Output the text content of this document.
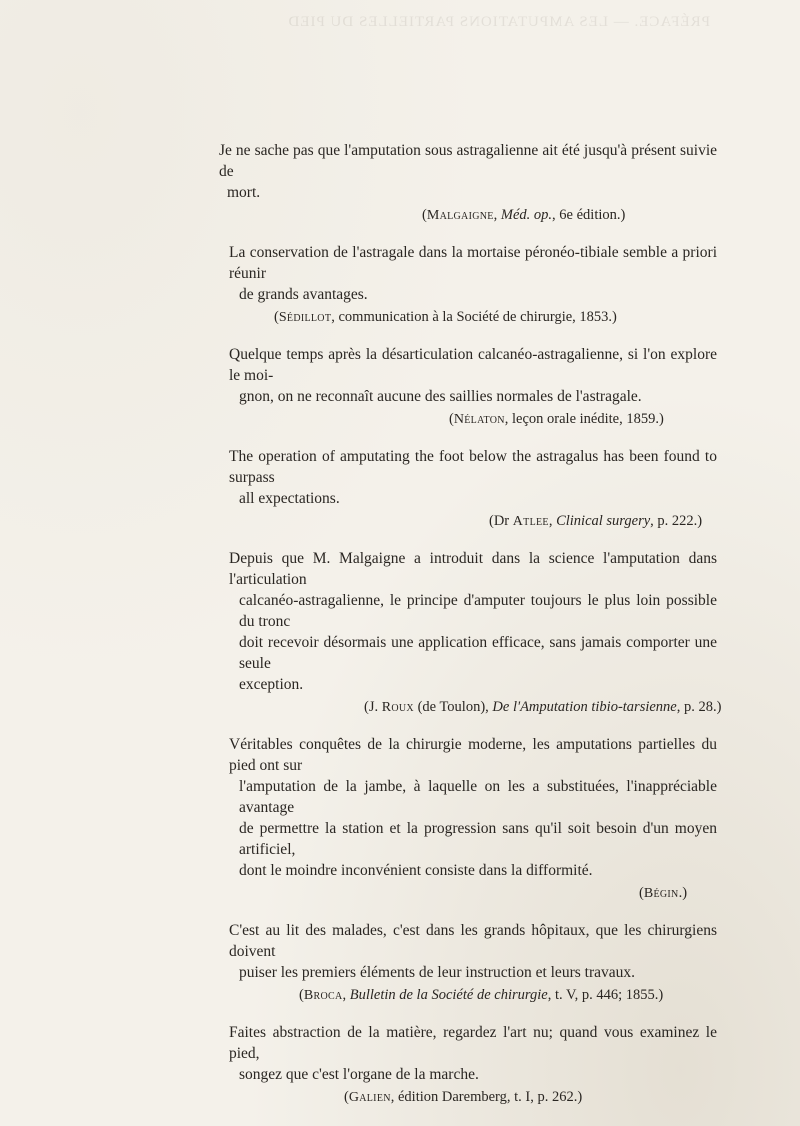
PRÉFACE. — LES AMPUTATIONS PARTIELLES DU PIED

Je ne sache pas que l'amputation sous astragalienne ait été jusqu'à présent suivie de
mort.

(Malgaigne, Méd. op., 6e édition.)

La conservation de l'astragale dans la mortaise péronéo-tibiale semble a priori réunir
de grands avantages.

(Sédillot, communication à la Société de chirurgie, 1853.)

Quelque temps après la désarticulation calcanéo-astragalienne, si l'on explore le moi-
gnon, on ne reconnaît aucune des saillies normales de l'astragale.

(Nélaton, leçon orale inédite, 1859.)

The operation of amputating the foot below the astragalus has been found to surpass
all expectations.

(Dr Atlee, Clinical surgery, p. 222.)

Depuis que M. Malgaigne a introduit dans la science l'amputation dans l'articulation
calcanéo-astragalienne, le principe d'amputer toujours le plus loin possible du tronc
doit recevoir désormais une application efficace, sans jamais comporter une seule
exception.

(J. Roux (de Toulon), De l'Amputation tibio-tarsienne, p. 28.)

Véritables conquêtes de la chirurgie moderne, les amputations partielles du pied ont sur
l'amputation de la jambe, à laquelle on les a substituées, l'inappréciable avantage
de permettre la station et la progression sans qu'il soit besoin d'un moyen artificiel,
dont le moindre inconvénient consiste dans la difformité.

(Bégin.)

C'est au lit des malades, c'est dans les grands hôpitaux, que les chirurgiens doivent
puiser les premiers éléments de leur instruction et leurs travaux.

(Broca, Bulletin de la Société de chirurgie, t. V, p. 446; 1855.)

Faites abstraction de la matière, regardez l'art nu; quand vous examinez le pied,
songez que c'est l'organe de la marche.

(Galien, édition Daremberg, t. I, p. 262.)
